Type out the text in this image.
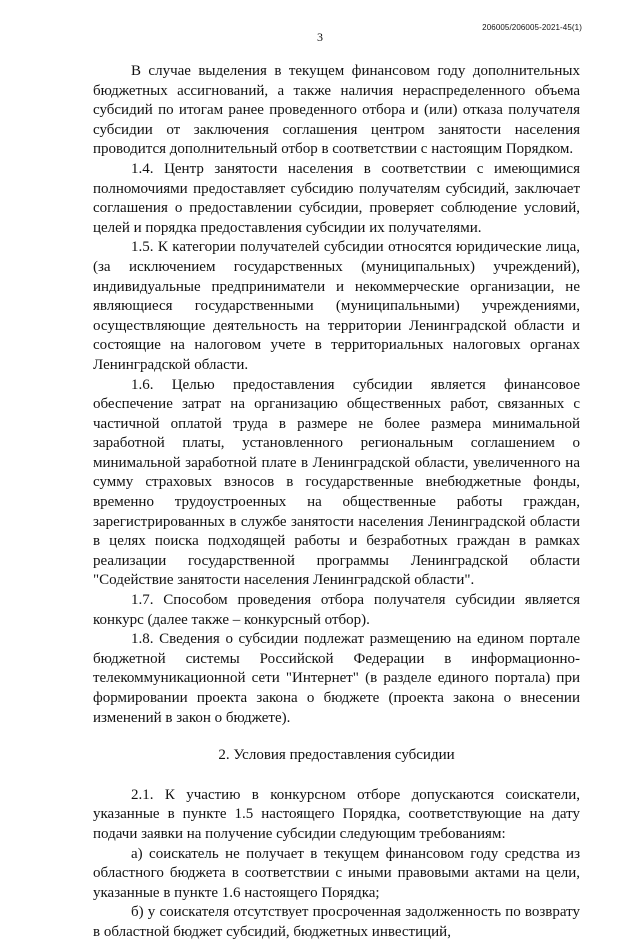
3
206005/206005-2021-45(1)

В случае выделения в текущем финансовом году дополнительных бюджетных ассигнований, а также наличия нераспределенного объема субсидий по итогам ранее проведенного отбора и (или) отказа получателя субсидии от заключения соглашения центром занятости населения проводится дополнительный отбор в соответствии с настоящим Порядком.

1.4. Центр занятости населения в соответствии с имеющимися полномочиями предоставляет субсидию получателям субсидий, заключает соглашения о предоставлении субсидии, проверяет соблюдение условий, целей и порядка предоставления субсидии их получателями.

1.5. К категории получателей субсидии относятся юридические лица, (за исключением государственных (муниципальных) учреждений), индивидуальные предприниматели и некоммерческие организации, не являющиеся государственными (муниципальными) учреждениями, осуществляющие деятельность на территории Ленинградской области и состоящие на налоговом учете в территориальных налоговых органах Ленинградской области.

1.6. Целью предоставления субсидии является финансовое обеспечение затрат на организацию общественных работ, связанных с частичной оплатой труда в размере не более размера минимальной заработной платы, установленного региональным соглашением о минимальной заработной плате в Ленинградской области, увеличенного на сумму страховых взносов в государственные внебюджетные фонды, временно трудоустроенных на общественные работы граждан, зарегистрированных в службе занятости населения Ленинградской области в целях поиска подходящей работы и безработных граждан в рамках реализации государственной программы Ленинградской области "Содействие занятости населения Ленинградской области".

1.7. Способом проведения отбора получателя субсидии является конкурс (далее также – конкурсный отбор).

1.8. Сведения о субсидии подлежат размещению на едином портале бюджетной системы Российской Федерации в информационно-телекоммуникационной сети "Интернет" (в разделе единого портала) при формировании проекта закона о бюджете (проекта закона о внесении изменений в закон о бюджете).

2. Условия предоставления субсидии

2.1. К участию в конкурсном отборе допускаются соискатели, указанные в пункте 1.5 настоящего Порядка, соответствующие на дату подачи заявки на получение субсидии следующим требованиям:

а) соискатель не получает в текущем финансовом году средства из областного бюджета в соответствии с иными правовыми актами на цели, указанные в пункте 1.6 настоящего Порядка;

б) у соискателя отсутствует просроченная задолженность по возврату в областной бюджет субсидий, бюджетных инвестиций,
